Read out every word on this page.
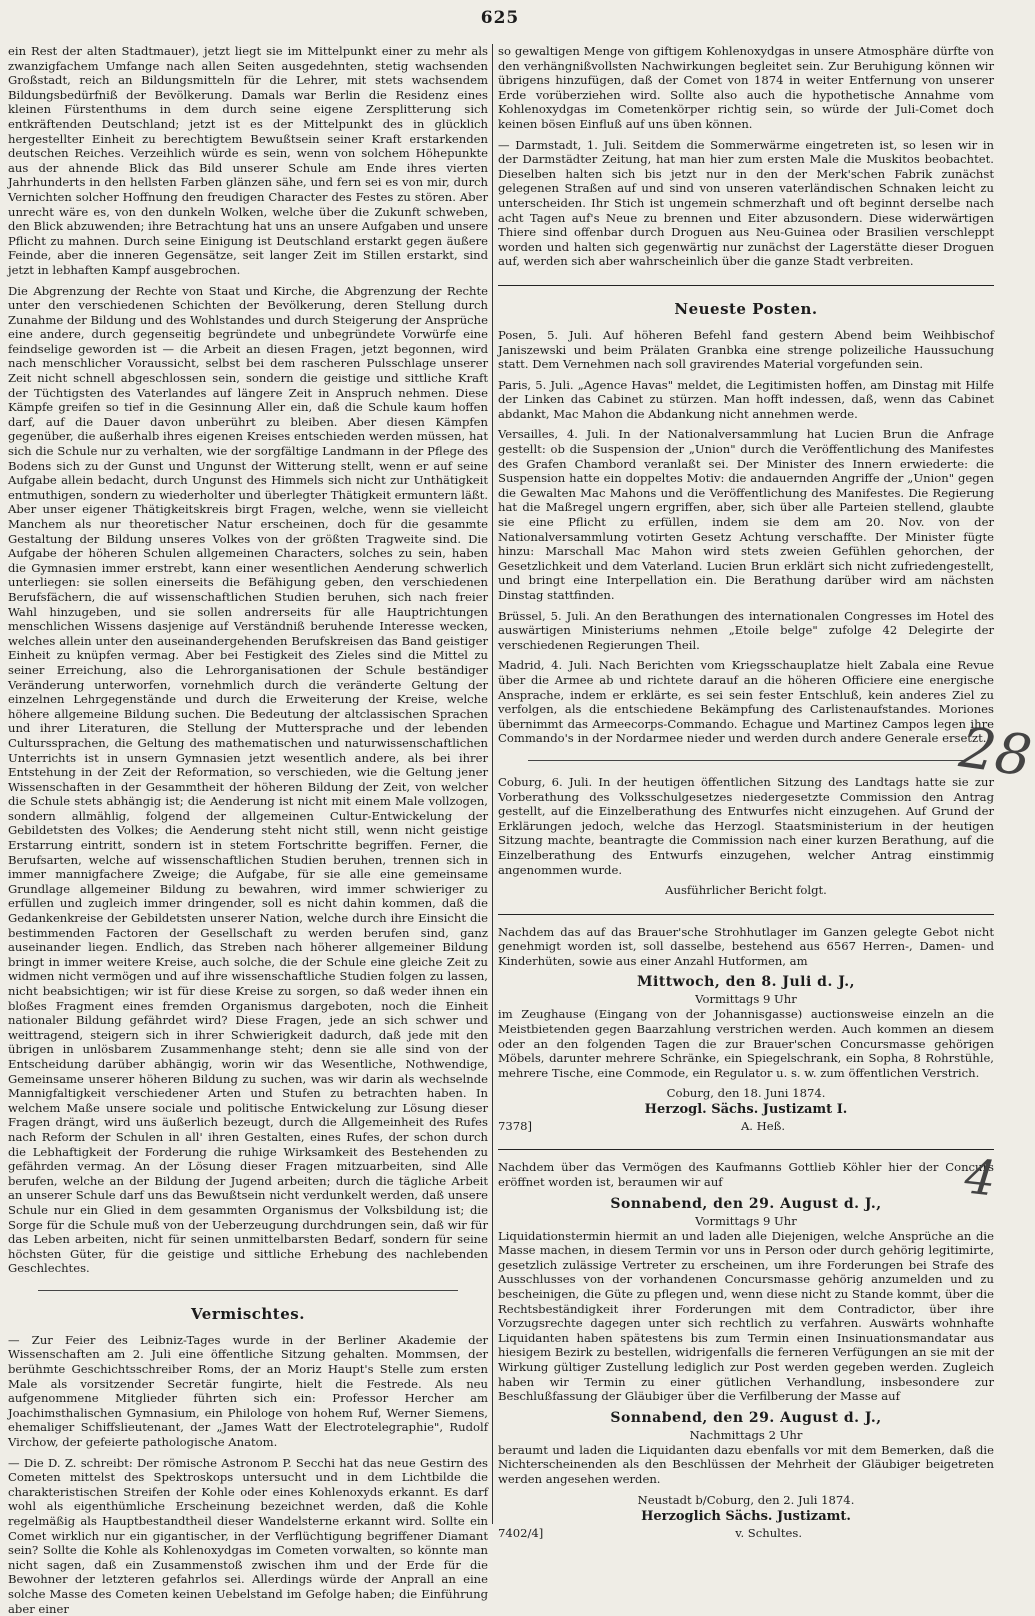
625

ein Rest der alten Stadtmauer), jetzt liegt sie im Mittelpunkt einer zu mehr als zwanzigfachem Umfange nach allen Seiten ausgedehnten, stetig wachsenden Großstadt, reich an Bildungsmitteln für die Lehrer, mit stets wachsendem Bildungsbedürfniß der Bevölkerung. Damals war Berlin die Residenz eines kleinen Fürstenthums in dem durch seine eigene Zersplitterung sich entkräftenden Deutschland; jetzt ist es der Mittelpunkt des in glücklich hergestellter Einheit zu berechtigtem Bewußtsein seiner Kraft erstarkenden deutschen Reiches. Verzeihlich würde es sein, wenn von solchem Höhepunkte aus der ahnende Blick das Bild unserer Schule am Ende ihres vierten Jahrhunderts in den hellsten Farben glänzen sähe, und fern sei es von mir, durch Vernichten solcher Hoffnung den freudigen Character des Festes zu stören. Aber unrecht wäre es, von den dunkeln Wolken, welche über die Zukunft schweben, den Blick abzuwenden; ihre Betrachtung hat uns an unsere Aufgaben und unsere Pflicht zu mahnen. Durch seine Einigung ist Deutschland erstarkt gegen äußere Feinde, aber die inneren Gegensätze, seit langer Zeit im Stillen erstarkt, sind jetzt in lebhaften Kampf ausgebrochen.

Die Abgrenzung der Rechte von Staat und Kirche, die Abgrenzung der Rechte unter den verschiedenen Schichten der Bevölkerung, deren Stellung durch Zunahme der Bildung und des Wohlstandes und durch Steigerung der Ansprüche eine andere, durch gegenseitig begründete und unbegründete Vorwürfe eine feindselige geworden ist — die Arbeit an diesen Fragen, jetzt begonnen, wird nach menschlicher Voraussicht, selbst bei dem rascheren Pulsschlage unserer Zeit nicht schnell abgeschlossen sein, sondern die geistige und sittliche Kraft der Tüchtigsten des Vaterlandes auf längere Zeit in Anspruch nehmen. Diese Kämpfe greifen so tief in die Gesinnung Aller ein, daß die Schule kaum hoffen darf, auf die Dauer davon unberührt zu bleiben. Aber diesen Kämpfen gegenüber, die außerhalb ihres eigenen Kreises entschieden werden müssen, hat sich die Schule nur zu verhalten, wie der sorgfältige Landmann in der Pflege des Bodens sich zu der Gunst und Ungunst der Witterung stellt, wenn er auf seine Aufgabe allein bedacht, durch Ungunst des Himmels sich nicht zur Unthätigkeit entmuthigen, sondern zu wiederholter und überlegter Thätigkeit ermuntern läßt. Aber unser eigener Thätigkeitskreis birgt Fragen, welche, wenn sie vielleicht Manchem als nur theoretischer Natur erscheinen, doch für die gesammte Gestaltung der Bildung unseres Volkes von der größten Tragweite sind. Die Aufgabe der höheren Schulen allgemeinen Characters, solches zu sein, haben die Gymnasien immer erstrebt, kann einer wesentlichen Aenderung schwerlich unterliegen: sie sollen einerseits die Befähigung geben, den verschiedenen Berufsfächern, die auf wissenschaftlichen Studien beruhen, sich nach freier Wahl hinzugeben, und sie sollen andrerseits für alle Hauptrichtungen menschlichen Wissens dasjenige auf Verständniß beruhende Interesse wecken, welches allein unter den auseinandergehenden Berufskreisen das Band geistiger Einheit zu knüpfen vermag. Aber bei Festigkeit des Zieles sind die Mittel zu seiner Erreichung, also die Lehrorganisationen der Schule beständiger Veränderung unterworfen, vornehmlich durch die veränderte Geltung der einzelnen Lehrgegenstände und durch die Erweiterung der Kreise, welche höhere allgemeine Bildung suchen. Die Bedeutung der altclassischen Sprachen und ihrer Literaturen, die Stellung der Muttersprache und der lebenden Culturssprachen, die Geltung des mathematischen und naturwissenschaftlichen Unterrichts ist in unsern Gymnasien jetzt wesentlich andere, als bei ihrer Entstehung in der Zeit der Reformation, so verschieden, wie die Geltung jener Wissenschaften in der Gesammtheit der höheren Bildung der Zeit, von welcher die Schule stets abhängig ist; die Aenderung ist nicht mit einem Male vollzogen, sondern allmählig, folgend der allgemeinen Cultur-Entwickelung der Gebildetsten des Volkes; die Aenderung steht nicht still, wenn nicht geistige Erstarrung eintritt, sondern ist in stetem Fortschritte begriffen. Ferner, die Berufsarten, welche auf wissenschaftlichen Studien beruhen, trennen sich in immer mannigfachere Zweige; die Aufgabe, für sie alle eine gemeinsame Grundlage allgemeiner Bildung zu bewahren, wird immer schwieriger zu erfüllen und zugleich immer dringender, soll es nicht dahin kommen, daß die Gedankenkreise der Gebildetsten unserer Nation, welche durch ihre Einsicht die bestimmenden Factoren der Gesellschaft zu werden berufen sind, ganz auseinander liegen. Endlich, das Streben nach höherer allgemeiner Bildung bringt in immer weitere Kreise, auch solche, die der Schule eine gleiche Zeit zu widmen nicht vermögen und auf ihre wissenschaftliche Studien folgen zu lassen, nicht beabsichtigen; wir ist für diese Kreise zu sorgen, so daß weder ihnen ein bloßes Fragment eines fremden Organismus dargeboten, noch die Einheit nationaler Bildung gefährdet wird? Diese Fragen, jede an sich schwer und weittragend, steigern sich in ihrer Schwierigkeit dadurch, daß jede mit den übrigen in unlösbarem Zusammenhange steht; denn sie alle sind von der Entscheidung darüber abhängig, worin wir das Wesentliche, Nothwendige, Gemeinsame unserer höheren Bildung zu suchen, was wir darin als wechselnde Mannigfaltigkeit verschiedener Arten und Stufen zu betrachten haben. In welchem Maße unsere sociale und politische Entwickelung zur Lösung dieser Fragen drängt, wird uns äußerlich bezeugt, durch die Allgemeinheit des Rufes nach Reform der Schulen in all' ihren Gestalten, eines Rufes, der schon durch die Lebhaftigkeit der Forderung die ruhige Wirksamkeit des Bestehenden zu gefährden vermag. An der Lösung dieser Fragen mitzuarbeiten, sind Alle berufen, welche an der Bildung der Jugend arbeiten; durch die tägliche Arbeit an unserer Schule darf uns das Bewußtsein nicht verdunkelt werden, daß unsere Schule nur ein Glied in dem gesammten Organismus der Volksbildung ist; die Sorge für die Schule muß von der Ueberzeugung durchdrungen sein, daß wir für das Leben arbeiten, nicht für seinen unmittelbarsten Bedarf, sondern für seine höchsten Güter, für die geistige und sittliche Erhebung des nachlebenden Geschlechtes.

Vermischtes.

— Zur Feier des Leibniz-Tages wurde in der Berliner Akademie der Wissenschaften am 2. Juli eine öffentliche Sitzung gehalten. Mommsen, der berühmte Geschichtsschreiber Roms, der an Moriz Haupt's Stelle zum ersten Male als vorsitzender Secretär fungirte, hielt die Festrede. Als neu aufgenommene Mitglieder führten sich ein: Professor Hercher am Joachimsthalischen Gymnasium, ein Philologe von hohem Ruf, Werner Siemens, ehemaliger Schiffslieutenant, der „James Watt der Electrotelegraphie", Rudolf Virchow, der gefeierte pathologische Anatom.

— Die D. Z. schreibt: Der römische Astronom P. Secchi hat das neue Gestirn des Cometen mittelst des Spektroskops untersucht und in dem Lichtbilde die charakteristischen Streifen der Kohle oder eines Kohlenoxyds erkannt. Es darf wohl als eigenthümliche Erscheinung bezeichnet werden, daß die Kohle regelmäßig als Hauptbestandtheil dieser Wandelsterne erkannt wird. Sollte ein Comet wirklich nur ein gigantischer, in der Verflüchtigung begriffener Diamant sein? Sollte die Kohle als Kohlenoxydgas im Cometen vorwalten, so könnte man nicht sagen, daß ein Zusammenstoß zwischen ihm und der Erde für die Bewohner der letzteren gefahrlos sei. Allerdings würde der Anprall an eine solche Masse des Cometen keinen Uebelstand im Gefolge haben; die Einführung aber einer

so gewaltigen Menge von giftigem Kohlenoxydgas in unsere Atmosphäre dürfte von den verhängnißvollsten Nachwirkungen begleitet sein. Zur Beruhigung können wir übrigens hinzufügen, daß der Comet von 1874 in weiter Entfernung von unserer Erde vorüberziehen wird. Sollte also auch die hypothetische Annahme vom Kohlenoxydgas im Cometenkörper richtig sein, so würde der Juli-Comet doch keinen bösen Einfluß auf uns üben können.

— Darmstadt, 1. Juli. Seitdem die Sommerwärme eingetreten ist, so lesen wir in der Darmstädter Zeitung, hat man hier zum ersten Male die Muskitos beobachtet. Dieselben halten sich bis jetzt nur in den der Merk'schen Fabrik zunächst gelegenen Straßen auf und sind von unseren vaterländischen Schnaken leicht zu unterscheiden. Ihr Stich ist ungemein schmerzhaft und oft beginnt derselbe nach acht Tagen auf's Neue zu brennen und Eiter abzusondern. Diese widerwärtigen Thiere sind offenbar durch Droguen aus Neu-Guinea oder Brasilien verschleppt worden und halten sich gegenwärtig nur zunächst der Lagerstätte dieser Droguen auf, werden sich aber wahrscheinlich über die ganze Stadt verbreiten.

Neueste Posten.

Posen, 5. Juli. Auf höheren Befehl fand gestern Abend beim Weihbischof Janiszewski und beim Prälaten Granbka eine strenge polizeiliche Haussuchung statt. Dem Vernehmen nach soll gravirendes Material vorgefunden sein.

Paris, 5. Juli. „Agence Havas" meldet, die Legitimisten hoffen, am Dinstag mit Hilfe der Linken das Cabinet zu stürzen. Man hofft indessen, daß, wenn das Cabinet abdankt, Mac Mahon die Abdankung nicht annehmen werde.

Versailles, 4. Juli. In der Nationalversammlung hat Lucien Brun die Anfrage gestellt: ob die Suspension der „Union" durch die Veröffentlichung des Manifestes des Grafen Chambord veranlaßt sei. Der Minister des Innern erwiederte: die Suspension hatte ein doppeltes Motiv: die andauernden Angriffe der „Union" gegen die Gewalten Mac Mahons und die Veröffentlichung des Manifestes. Die Regierung hat die Maßregel ungern ergriffen, aber, sich über alle Parteien stellend, glaubte sie eine Pflicht zu erfüllen, indem sie dem am 20. Nov. von der Nationalversammlung votirten Gesetz Achtung verschaffte. Der Minister fügte hinzu: Marschall Mac Mahon wird stets zweien Gefühlen gehorchen, der Gesetzlichkeit und dem Vaterland. Lucien Brun erklärt sich nicht zufriedengestellt, und bringt eine Interpellation ein. Die Berathung darüber wird am nächsten Dinstag stattfinden.

Brüssel, 5. Juli. An den Berathungen des internationalen Congresses im Hotel des auswärtigen Ministeriums nehmen „Etoile belge" zufolge 42 Delegirte der verschiedenen Regierungen Theil.

Madrid, 4. Juli. Nach Berichten vom Kriegsschauplatze hielt Zabala eine Revue über die Armee ab und richtete darauf an die höheren Officiere eine energische Ansprache, indem er erklärte, es sei sein fester Entschluß, kein anderes Ziel zu verfolgen, als die entschiedene Bekämpfung des Carlistenaufstandes. Moriones übernimmt das Armeecorps-Commando. Echague und Martinez Campos legen ihre Commando's in der Nordarmee nieder und werden durch andere Generale ersetzt.

Coburg, 6. Juli. In der heutigen öffentlichen Sitzung des Landtags hatte sie zur Vorberathung des Volksschulgesetzes niedergesetzte Commission den Antrag gestellt, auf die Einzelberathung des Entwurfes nicht einzugehen. Auf Grund der Erklärungen jedoch, welche das Herzogl. Staatsministerium in der heutigen Sitzung machte, beantragte die Commission nach einer kurzen Berathung, auf die Einzelberathung des Entwurfs einzugehen, welcher Antrag einstimmig angenommen wurde.

Ausführlicher Bericht folgt.

Nachdem das auf das Brauer'sche Strohhutlager im Ganzen gelegte Gebot nicht genehmigt worden ist, soll dasselbe, bestehend aus 6567 Herren-, Damen- und Kinderhüten, sowie aus einer Anzahl Hutformen, am

Mittwoch, den 8. Juli d. J.,
Vormittags 9 Uhr

im Zeughause (Eingang von der Johannisgasse) auctionsweise einzeln an die Meistbietenden gegen Baarzahlung verstrichen werden. Auch kommen an diesem oder an den folgenden Tagen die zur Brauer'schen Concursmasse gehörigen Möbels, darunter mehrere Schränke, ein Spiegelschrank, ein Sopha, 8 Rohrstühle, mehrere Tische, eine Commode, ein Regulator u. s. w. zum öffentlichen Verstrich.

Coburg, den 18. Juni 1874.
Herzogl. Sächs. Justizamt I.
7378]	A. Heß.

Nachdem über das Vermögen des Kaufmanns Gottlieb Köhler hier der Concurs eröffnet worden ist, beraumen wir auf

Sonnabend, den 29. August d. J.,
Vormittags 9 Uhr

Liquidationstermin hiermit an und laden alle Diejenigen, welche Ansprüche an die Masse machen, in diesem Termin vor uns in Person oder durch gehörig legitimirte, gesetzlich zulässige Vertreter zu erscheinen, um ihre Forderungen bei Strafe des Ausschlusses von der vorhandenen Concursmasse gehörig anzumelden und zu bescheinigen, die Güte zu pflegen und, wenn diese nicht zu Stande kommt, über die Rechtsbeständigkeit ihrer Forderungen mit dem Contradictor, über ihre Vorzugsrechte dagegen unter sich rechtlich zu verfahren. Auswärts wohnhafte Liquidanten haben spätestens bis zum Termin einen Insinuationsmandatar aus hiesigem Bezirk zu bestellen, widrigenfalls die ferneren Verfügungen an sie mit der Wirkung gültiger Zustellung lediglich zur Post werden gegeben werden. Zugleich haben wir Termin zu einer gütlichen Verhandlung, insbesondere zur Beschlußfassung der Gläubiger über die Verfilberung der Masse auf

Sonnabend, den 29. August d. J.,
Nachmittags 2 Uhr

beraumt und laden die Liquidanten dazu ebenfalls vor mit dem Bemerken, daß die Nichterscheinenden als den Beschlüssen der Mehrheit der Gläubiger beigetreten werden angesehen werden.

Neustadt b/Coburg, den 2. Juli 1874.
Herzoglich Sächs. Justizamt.
7402/4]	v. Schultes.
28
4
